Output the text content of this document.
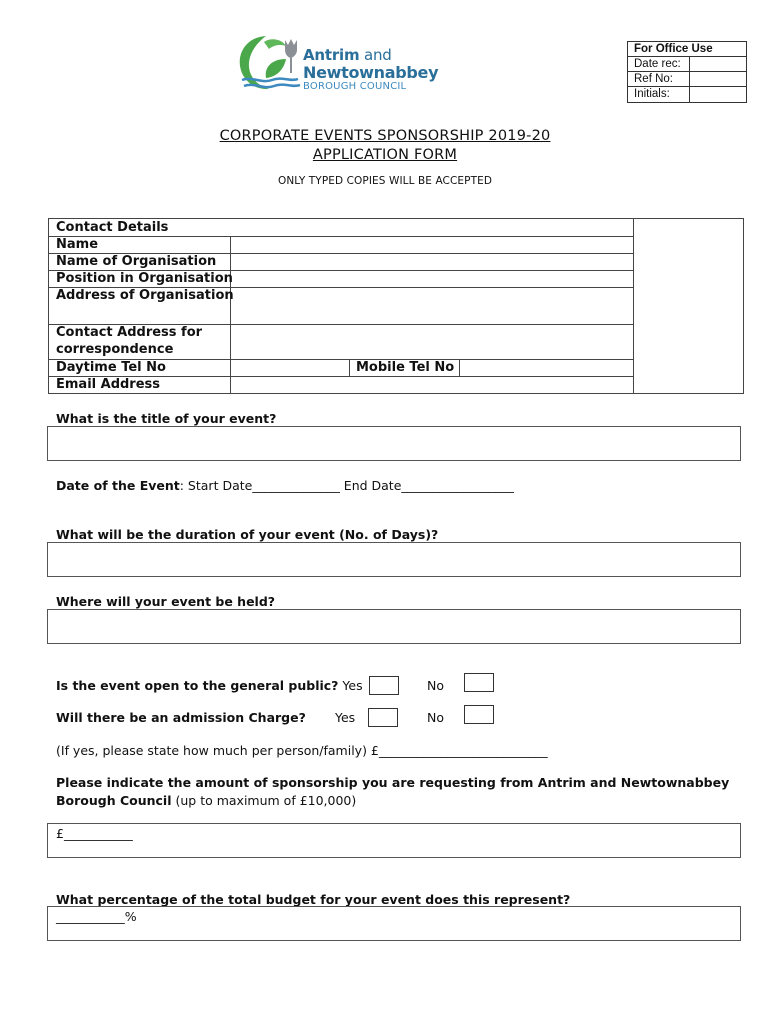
Antrim and
Newtownabbey
BOROUGH COUNCIL
For Office Use
Date rec:
Ref No:
Initials:
CORPORATE EVENTS SPONSORSHIP 2019-20
APPLICATION FORM
ONLY TYPED COPIES WILL BE ACCEPTED
Contact Details
Name
Name of Organisation
Position in Organisation
Address of Organisation
Contact Address for
correspondence
Daytime Tel No	Mobile Tel No
Email Address
What is the title of your event?
Date of the Event: Start Date______________ End Date__________________
What will be the duration of your event (No. of Days)?
Where will your event be held?
Is the event open to the general public? Yes	No
Will there be an admission Charge? Yes	No
(If yes, please state how much per person/family) £___________________________
Please indicate the amount of sponsorship you are requesting from Antrim and Newtownabbey
Borough Council (up to maximum of £10,000)
£___________
What percentage of the total budget for your event does this represent?
___________%
